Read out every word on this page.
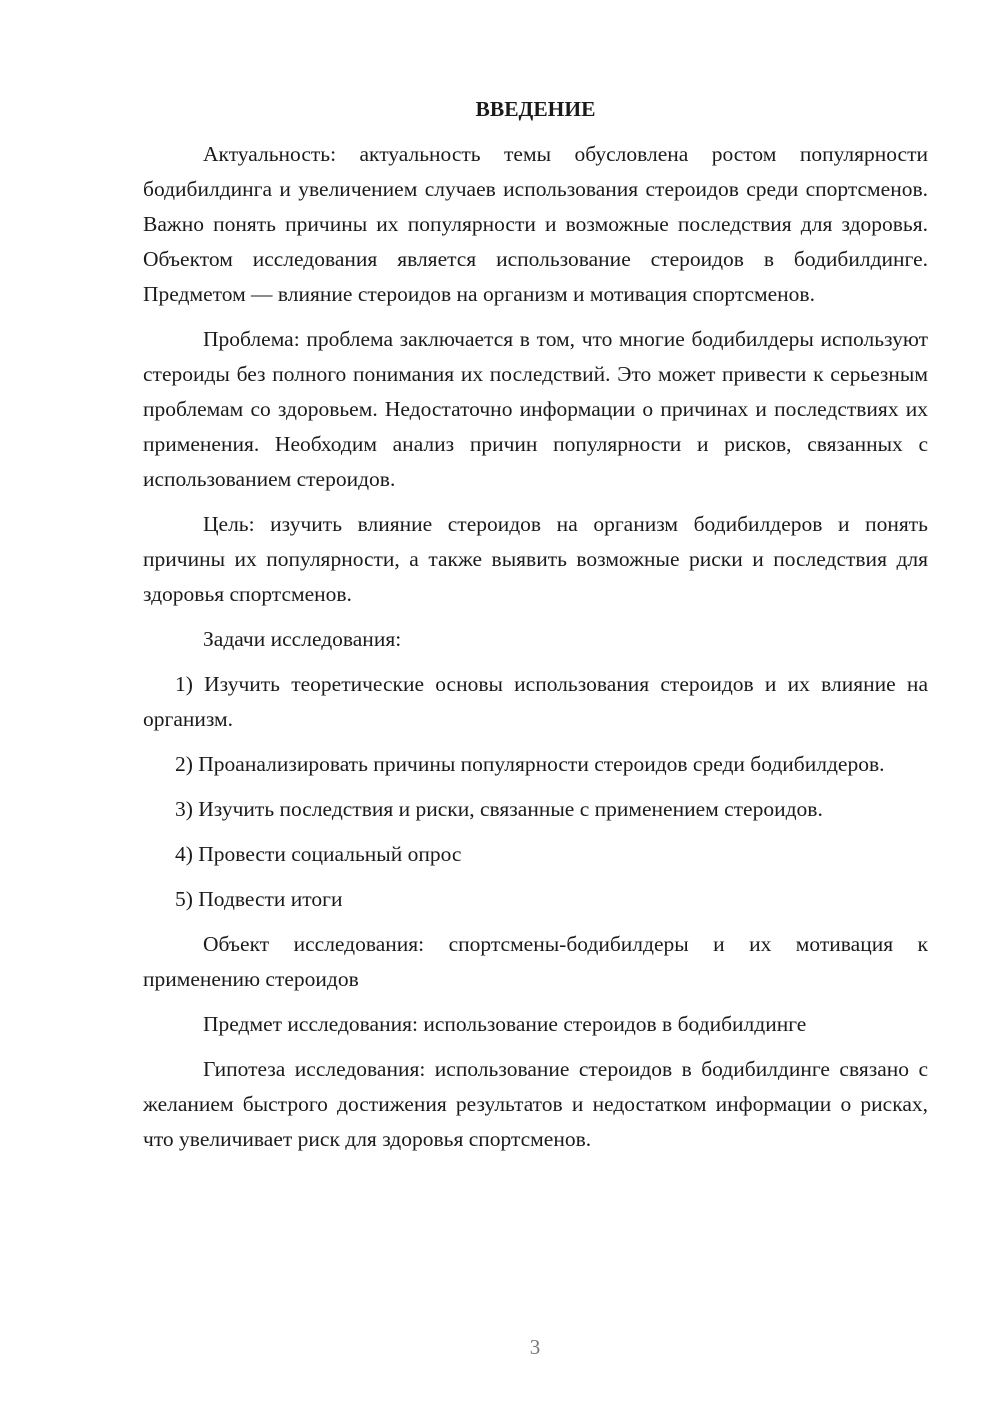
ВВЕДЕНИЕ

Актуальность: актуальность темы обусловлена ростом популярности бодибилдинга и увеличением случаев использования стероидов среди спортсменов. Важно понять причины их популярности и возможные последствия для здоровья. Объектом исследования является использование стероидов в бодибилдинге. Предметом — влияние стероидов на организм и мотивация спортсменов.

Проблема: проблема заключается в том, что многие бодибилдеры используют стероиды без полного понимания их последствий. Это может привести к серьезным проблемам со здоровьем. Недостаточно информации о причинах и последствиях их применения. Необходим анализ причин популярности и рисков, связанных с использованием стероидов.

Цель: изучить влияние стероидов на организм бодибилдеров и понять причины их популярности, а также выявить возможные риски и последствия для здоровья спортсменов.

Задачи исследования:

1) Изучить теоретические основы использования стероидов и их влияние на организм.

2) Проанализировать причины популярности стероидов среди бодибилдеров.

3) Изучить последствия и риски, связанные с применением стероидов.

4) Провести социальный опрос

5) Подвести итоги

Объект исследования: спортсмены-бодибилдеры и их мотивация к применению стероидов

Предмет исследования: использование стероидов в бодибилдинге

Гипотеза исследования: использование стероидов в бодибилдинге связано с желанием быстрого достижения результатов и недостатком информации о рисках, что увеличивает риск для здоровья спортсменов.

3
